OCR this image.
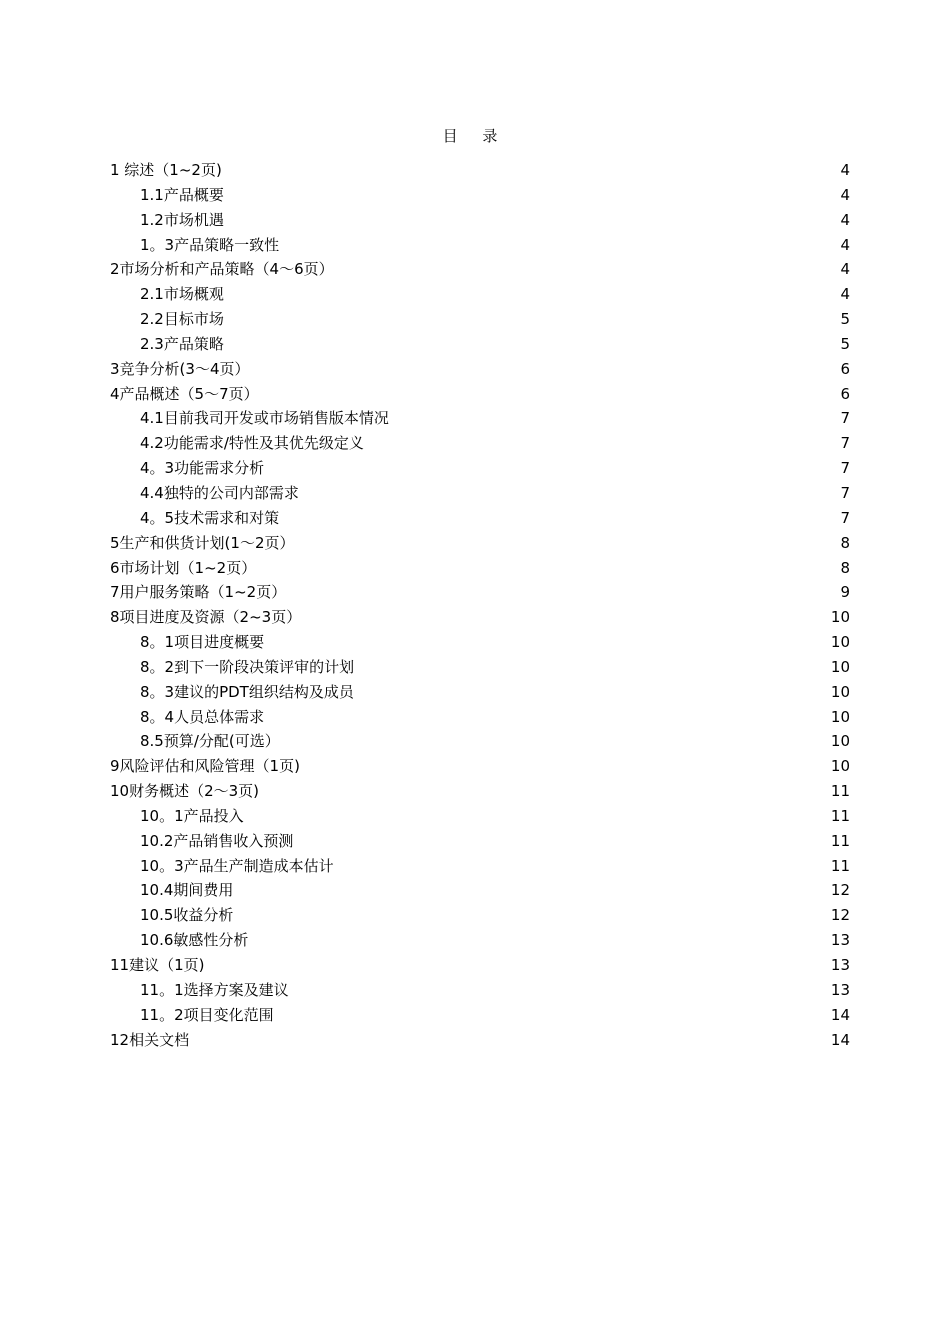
目 录
1 综述（1~2页)	4
1.1产品概要	4
1.2市场机遇	4
1。3产品策略一致性	4
2市场分析和产品策略（4～6页）	4
2.1市场概观	4
2.2目标市场	5
2.3产品策略	5
3竞争分析(3～4页）	6
4产品概述（5～7页）	6
4.1目前我司开发或市场销售版本情况	7
4.2功能需求/特性及其优先级定义	7
4。3功能需求分析	7
4.4独特的公司内部需求	7
4。5技术需求和对策	7
5生产和供货计划(1～2页）	8
6市场计划（1~2页）	8
7用户服务策略（1~2页）	9
8项目进度及资源（2~3页）	10
8。1项目进度概要	10
8。2到下一阶段决策评审的计划	10
8。3建议的PDT组织结构及成员	10
8。4人员总体需求	10
8.5预算/分配(可选）	10
9风险评估和风险管理（1页)	10
10财务概述（2～3页)	11
10。1产品投入	11
10.2产品销售收入预测	11
10。3产品生产制造成本估计	11
10.4期间费用	12
10.5收益分析	12
10.6敏感性分析	13
11建议（1页)	13
11。1选择方案及建议	13
11。2项目变化范围	14
12相关文档	14
